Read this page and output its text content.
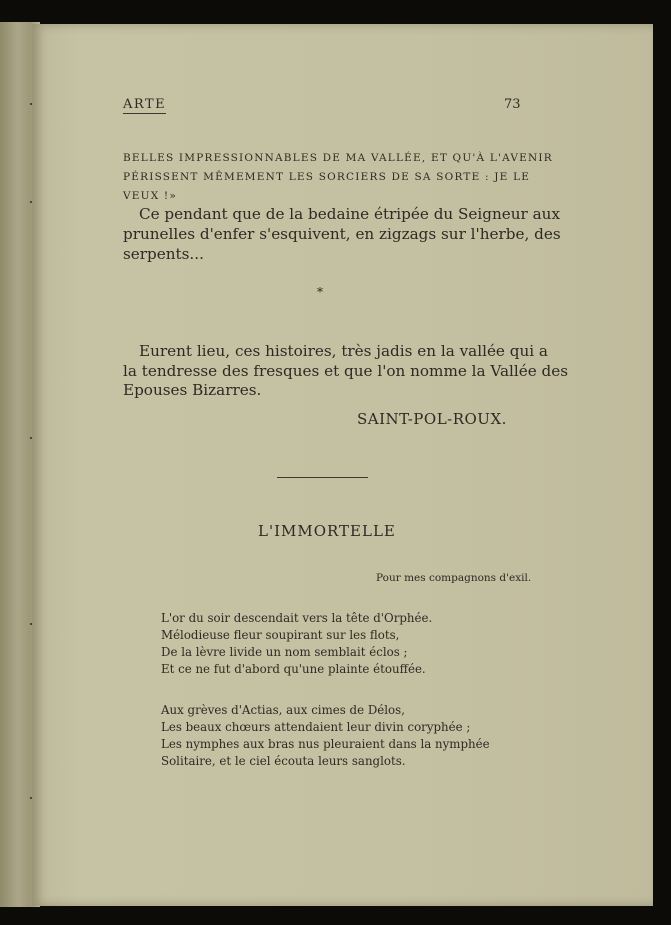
ARTE	73
BELLES IMPRESSIONNABLES DE MA VALLÉE, ET QU'À L'AVENIR
PÉRISSENT MÊMEMENT LES SORCIERS DE SA SORTE : JE LE
VEUX !»
Ce pendant que de la bedaine étripée du Seigneur aux
prunelles d'enfer s'esquivent, en zigzags sur l'herbe, des
serpents...
*
Eurent lieu, ces histoires, très jadis en la vallée qui a
la tendresse des fresques et que l'on nomme la Vallée des
Epouses Bizarres.
SAINT-POL-ROUX.
L'IMMORTELLE
Pour mes compagnons d'exil.
L'or du soir descendait vers la tête d'Orphée.
Mélodieuse fleur soupirant sur les flots,
De la lèvre livide un nom semblait éclos ;
Et ce ne fut d'abord qu'une plainte étouffée.
Aux grèves d'Actias, aux cimes de Délos,
Les beaux chœurs attendaient leur divin coryphée ;
Les nymphes aux bras nus pleuraient dans la nymphée
Solitaire, et le ciel écouta leurs sanglots.
